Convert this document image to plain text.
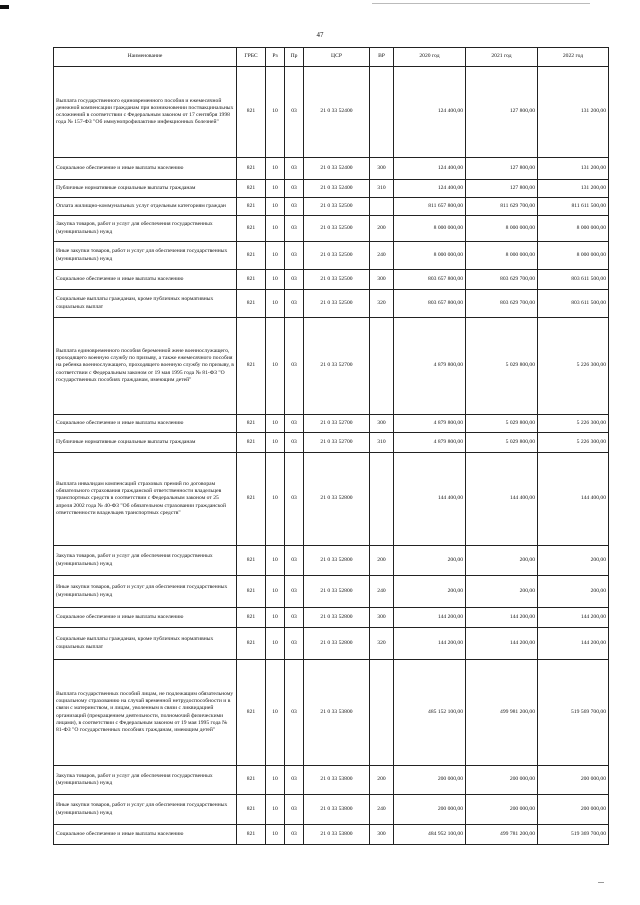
47
Наименование	ГРБС	Рз	Пр	ЦСР	ВР	2020 год	2021 год	2022 год
Выплата государственного единовременного пособия и ежемесячной денежной компенсации гражданам при возникновении поствакцинальных осложнений в соответствии с Федеральным законом от 17 сентября 1998 года № 157-ФЗ "Об иммунопрофилактике инфекционных болезней"	821	10	03	21 0 33 52400		124 400,00	127 800,00	131 200,00
Социальное обеспечение и иные выплаты населению	821	10	03	21 0 33 52400	300	124 400,00	127 800,00	131 200,00
Публичные нормативные социальные выплаты гражданам	821	10	03	21 0 33 52400	310	124 400,00	127 800,00	131 200,00
Оплата жилищно-коммунальных услуг отдельным категориям граждан	821	10	03	21 0 33 52500		811 657 800,00	811 629 700,00	811 611 500,00
Закупка товаров, работ и услуг для обеспечения государственных (муниципальных) нужд	821	10	03	21 0 33 52500	200	8 000 000,00	8 000 000,00	8 000 000,00
Иные закупки товаров, работ и услуг для обеспечения государственных (муниципальных) нужд	821	10	03	21 0 33 52500	240	8 000 000,00	8 000 000,00	8 000 000,00
Социальное обеспечение и иные выплаты населению	821	10	03	21 0 33 52500	300	803 657 800,00	803 629 700,00	803 611 500,00
Социальные выплаты гражданам, кроме публичных нормативных социальных выплат	821	10	03	21 0 33 52500	320	803 657 800,00	803 629 700,00	803 611 500,00
Выплата единовременного пособия беременной жене военнослужащего, проходящего военную службу по призыву, а также ежемесячного пособия на ребенка военнослужащего, проходящего военную службу по призыву, в соответствии с Федеральным законом от 19 мая 1995 года № 81-ФЗ "О государственных пособиях гражданам, имеющим детей"	821	10	03	21 0 33 52700		4 879 800,00	5 029 800,00	5 226 300,00
Социальное обеспечение и иные выплаты населению	821	10	03	21 0 33 52700	300	4 879 800,00	5 029 800,00	5 226 300,00
Публичные нормативные социальные выплаты гражданам	821	10	03	21 0 33 52700	310	4 879 800,00	5 029 800,00	5 226 300,00
Выплата инвалидам компенсаций страховых премий по договорам обязательного страхования гражданской ответственности владельцев транспортных средств в соответствии с Федеральным законом от 25 апреля 2002 года № 40-ФЗ "Об обязательном страховании гражданской ответственности владельцев транспортных средств"	821	10	03	21 0 33 52800		144 400,00	144 400,00	144 400,00
Закупка товаров, работ и услуг для обеспечения государственных (муниципальных) нужд	821	10	03	21 0 33 52800	200	200,00	200,00	200,00
Иные закупки товаров, работ и услуг для обеспечения государственных (муниципальных) нужд	821	10	03	21 0 33 52800	240	200,00	200,00	200,00
Социальное обеспечение и иные выплаты населению	821	10	03	21 0 33 52800	300	144 200,00	144 200,00	144 200,00
Социальные выплаты гражданам, кроме публичных нормативных социальных выплат	821	10	03	21 0 33 52800	320	144 200,00	144 200,00	144 200,00
Выплата государственных пособий лицам, не подлежащим обязательному социальному страхованию на случай временной нетрудоспособности и в связи с материнством, и лицам, уволенным в связи с ликвидацией организаций (прекращением деятельности, полномочий физическими лицами), в соответствии с Федеральным законом от 19 мая 1995 года № 81-ФЗ "О государственных пособиях гражданам, имеющим детей"	821	10	03	21 0 33 53800		485 152 100,00	499 981 200,00	519 569 700,00
Закупка товаров, работ и услуг для обеспечения государственных (муниципальных) нужд	821	10	03	21 0 33 53800	200	200 000,00	200 000,00	200 000,00
Иные закупки товаров, работ и услуг для обеспечения государственных (муниципальных) нужд	821	10	03	21 0 33 53800	240	200 000,00	200 000,00	200 000,00
Социальное обеспечение и иные выплаты населению	821	10	03	21 0 33 53800	300	484 952 100,00	499 781 200,00	519 369 700,00
